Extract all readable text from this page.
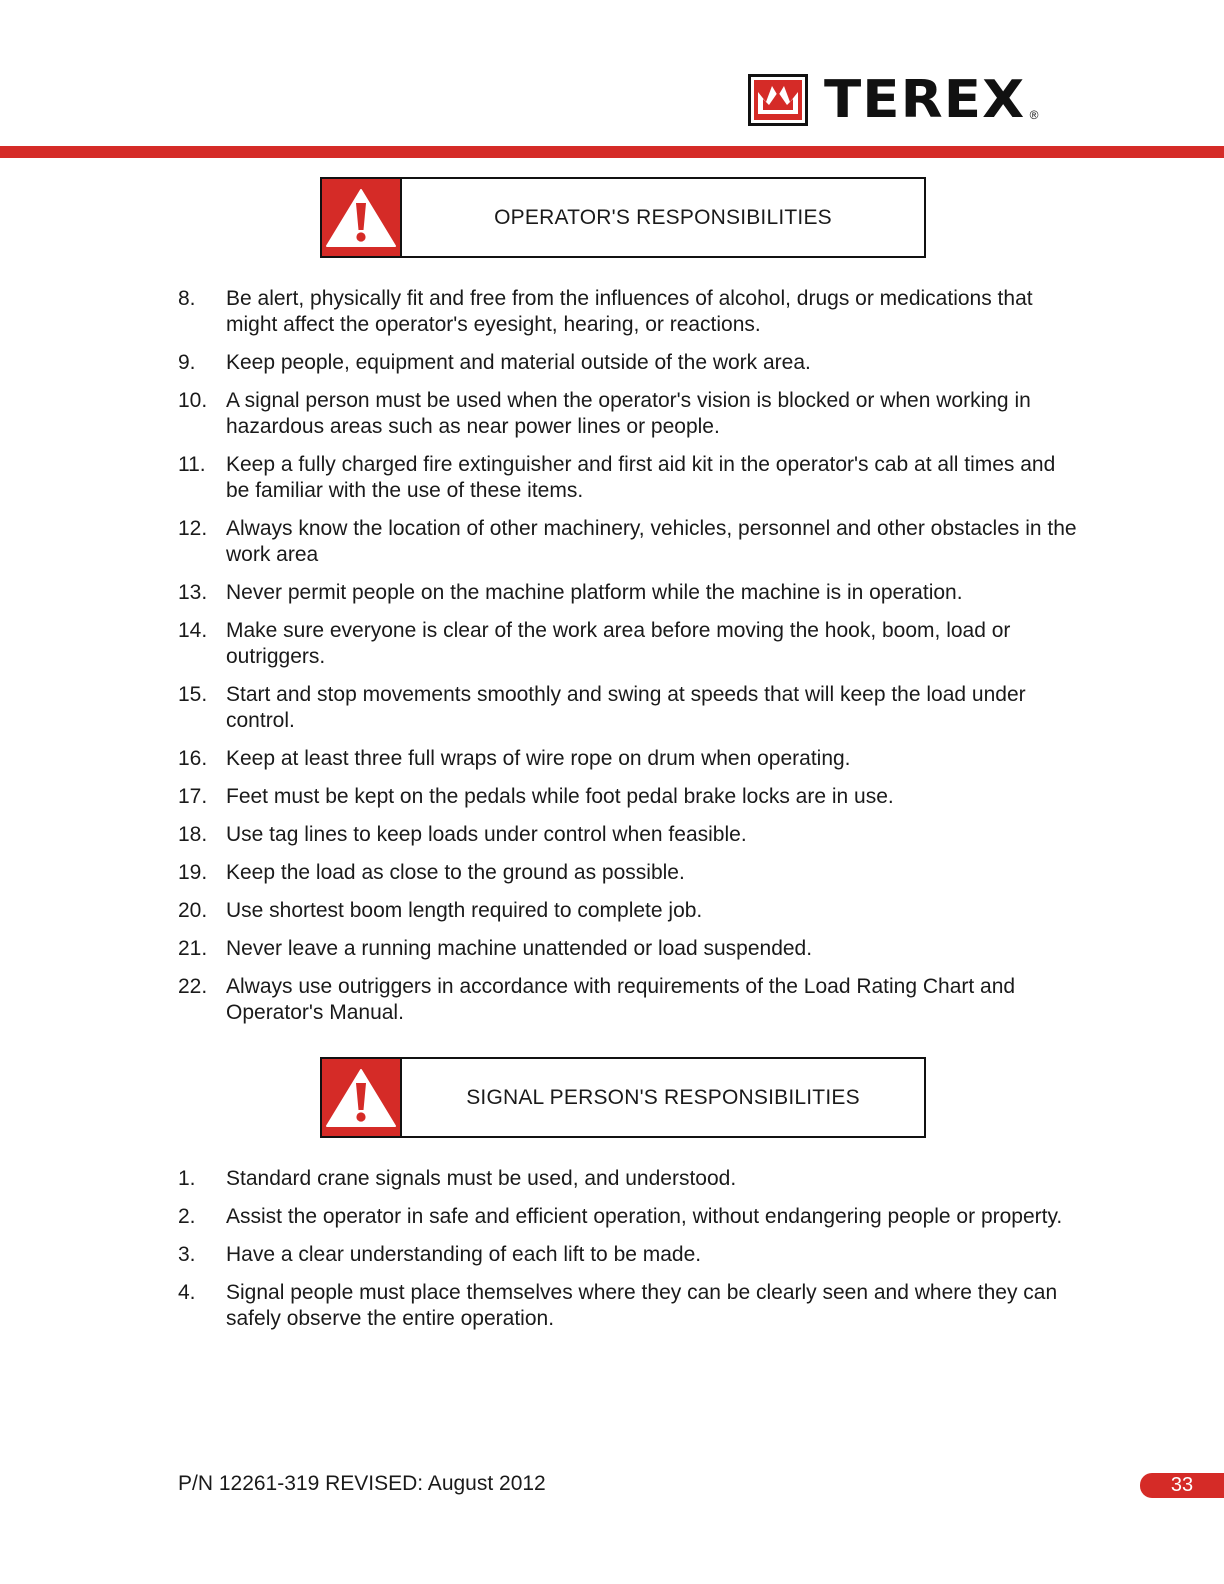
TEREX ®
OPERATOR'S RESPONSIBILITIES
8.	Be alert, physically fit and free from the influences of alcohol, drugs or medications that might affect the operator's eyesight, hearing, or reactions.
9.	Keep people, equipment and material outside of the work area.
10. A signal person must be used when the operator's vision is blocked or when working in hazardous areas such as near power lines or people.
11. Keep a fully charged fire extinguisher and first aid kit in the operator's cab at all times and be familiar with the use of these items.
12. Always know the location of other machinery, vehicles, personnel and other obstacles in the work area
13. Never permit people on the machine platform while the machine is in operation.
14. Make sure everyone is clear of the work area before moving the hook, boom, load or outriggers.
15. Start and stop movements smoothly and swing at speeds that will keep the load under control.
16. Keep at least three full wraps of wire rope on drum when operating.
17. Feet must be kept on the pedals while foot pedal brake locks are in use.
18. Use tag lines to keep loads under control when feasible.
19. Keep the load as close to the ground as possible.
20. Use shortest boom length required to complete job.
21. Never leave a running machine unattended or load suspended.
22. Always use outriggers in accordance with requirements of the Load Rating Chart and Operator's Manual.
SIGNAL PERSON'S RESPONSIBILITIES
1.	Standard crane signals must be used, and understood.
2.	Assist the operator in safe and efficient operation, without endangering people or property.
3.	Have a clear understanding of each lift to be made.
4.	Signal people must place themselves where they can be clearly seen and where they can safely observe the entire operation.
P/N 12261-319 REVISED: August 2012	33
